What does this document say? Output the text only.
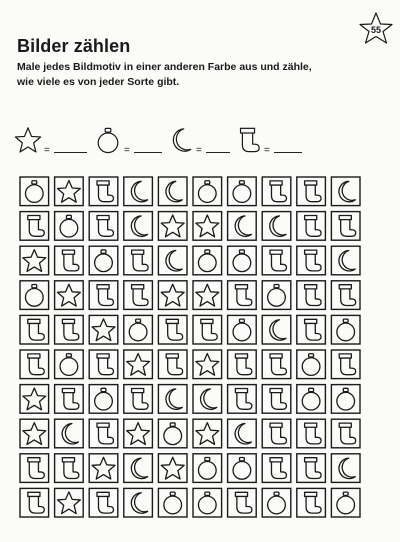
55
Bilder zählen

Male jedes Bildmotiv in einer anderen Farbe aus und zähle,
wie viele es von jeder Sorte gibt.

=	=	=	=
